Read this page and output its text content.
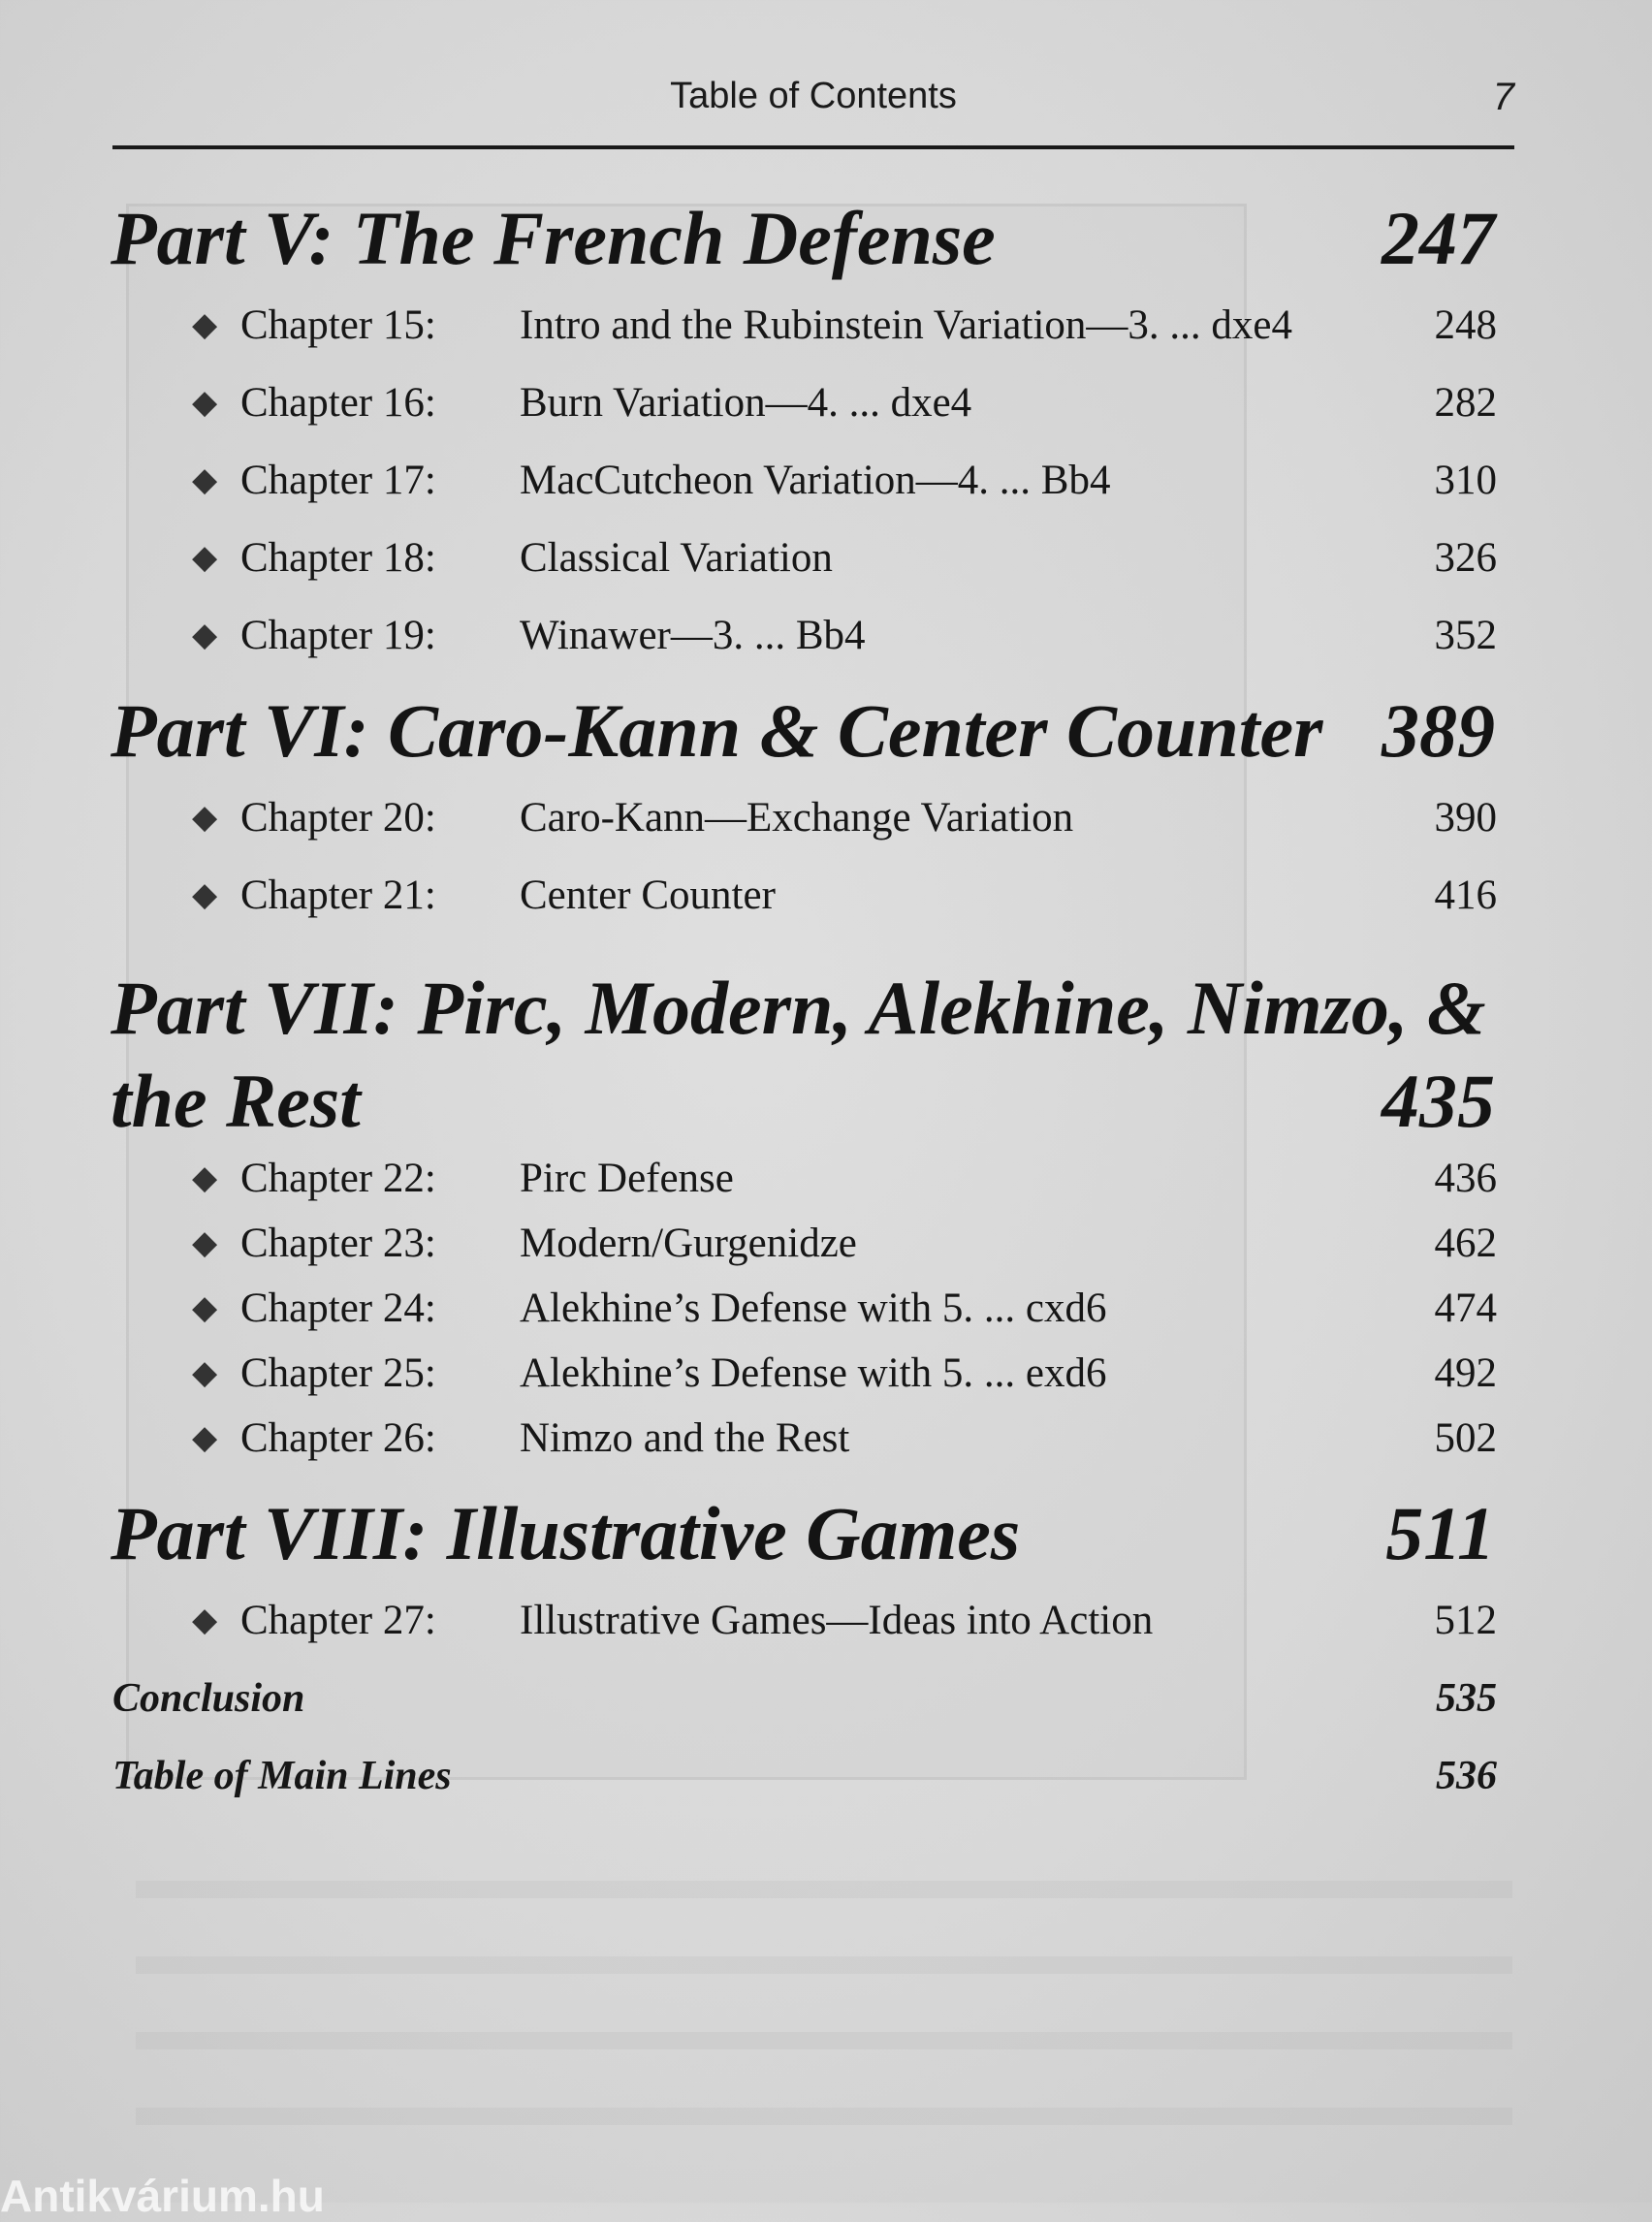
Table of Contents	7
Part V: The French Defense	247
◆ Chapter 15: Intro and the Rubinstein Variation—3. ... dxe4	248
◆ Chapter 16: Burn Variation—4. ... dxe4	282
◆ Chapter 17: MacCutcheon Variation—4. ... Bb4	310
◆ Chapter 18: Classical Variation	326
◆ Chapter 19: Winawer—3. ... Bb4	352
Part VI: Caro-Kann & Center Counter 389
◆ Chapter 20: Caro-Kann—Exchange Variation	390
◆ Chapter 21: Center Counter	416
Part VII: Pirc, Modern, Alekhine, Nimzo, &
the Rest	435
◆ Chapter 22: Pirc Defense	436
◆ Chapter 23: Modern/Gurgenidze	462
◆ Chapter 24: Alekhine’s Defense with 5. ... cxd6	474
◆ Chapter 25: Alekhine’s Defense with 5. ... exd6	492
◆ Chapter 26: Nimzo and the Rest	502
Part VIII: Illustrative Games	511
◆ Chapter 27: Illustrative Games—Ideas into Action	512
Conclusion	535
Table of Main Lines	536
Antikvárium.hu
